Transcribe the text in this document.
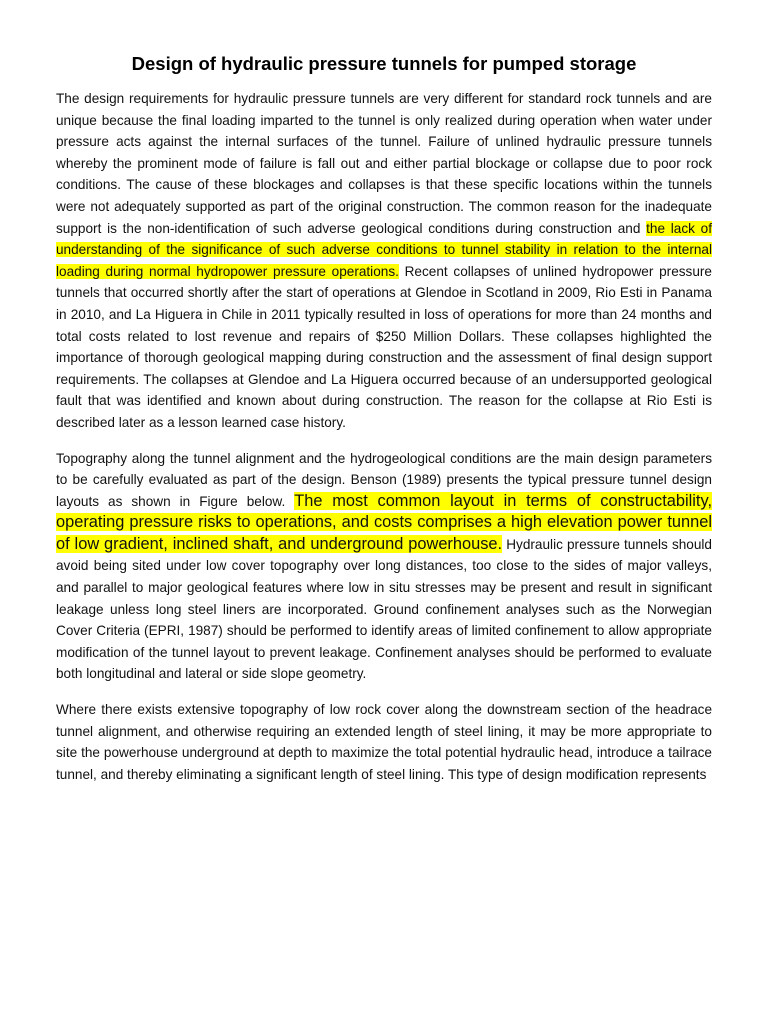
Design of hydraulic pressure tunnels for pumped storage

The design requirements for hydraulic pressure tunnels are very different for standard rock tunnels and are unique because the final loading imparted to the tunnel is only realized during operation when water under pressure acts against the internal surfaces of the tunnel. Failure of unlined hydraulic pressure tunnels whereby the prominent mode of failure is fall out and either partial blockage or collapse due to poor rock conditions. The cause of these blockages and collapses is that these specific locations within the tunnels were not adequately supported as part of the original construction. The common reason for the inadequate support is the non-identification of such adverse geological conditions during construction and the lack of understanding of the significance of such adverse conditions to tunnel stability in relation to the internal loading during normal hydropower pressure operations. Recent collapses of unlined hydropower pressure tunnels that occurred shortly after the start of operations at Glendoe in Scotland in 2009, Rio Esti in Panama in 2010, and La Higuera in Chile in 2011 typically resulted in loss of operations for more than 24 months and total costs related to lost revenue and repairs of $250 Million Dollars. These collapses highlighted the importance of thorough geological mapping during construction and the assessment of final design support requirements. The collapses at Glendoe and La Higuera occurred because of an undersupported geological fault that was identified and known about during construction. The reason for the collapse at Rio Esti is described later as a lesson learned case history.

Topography along the tunnel alignment and the hydrogeological conditions are the main design parameters to be carefully evaluated as part of the design. Benson (1989) presents the typical pressure tunnel design layouts as shown in Figure below. The most common layout in terms of constructability, operating pressure risks to operations, and costs comprises a high elevation power tunnel of low gradient, inclined shaft, and underground powerhouse. Hydraulic pressure tunnels should avoid being sited under low cover topography over long distances, too close to the sides of major valleys, and parallel to major geological features where low in situ stresses may be present and result in significant leakage unless long steel liners are incorporated. Ground confinement analyses such as the Norwegian Cover Criteria (EPRI, 1987) should be performed to identify areas of limited confinement to allow appropriate modification of the tunnel layout to prevent leakage. Confinement analyses should be performed to evaluate both longitudinal and lateral or side slope geometry.

Where there exists extensive topography of low rock cover along the downstream section of the headrace tunnel alignment, and otherwise requiring an extended length of steel lining, it may be more appropriate to site the powerhouse underground at depth to maximize the total potential hydraulic head, introduce a tailrace tunnel, and thereby eliminating a significant length of steel lining. This type of design modification represents
